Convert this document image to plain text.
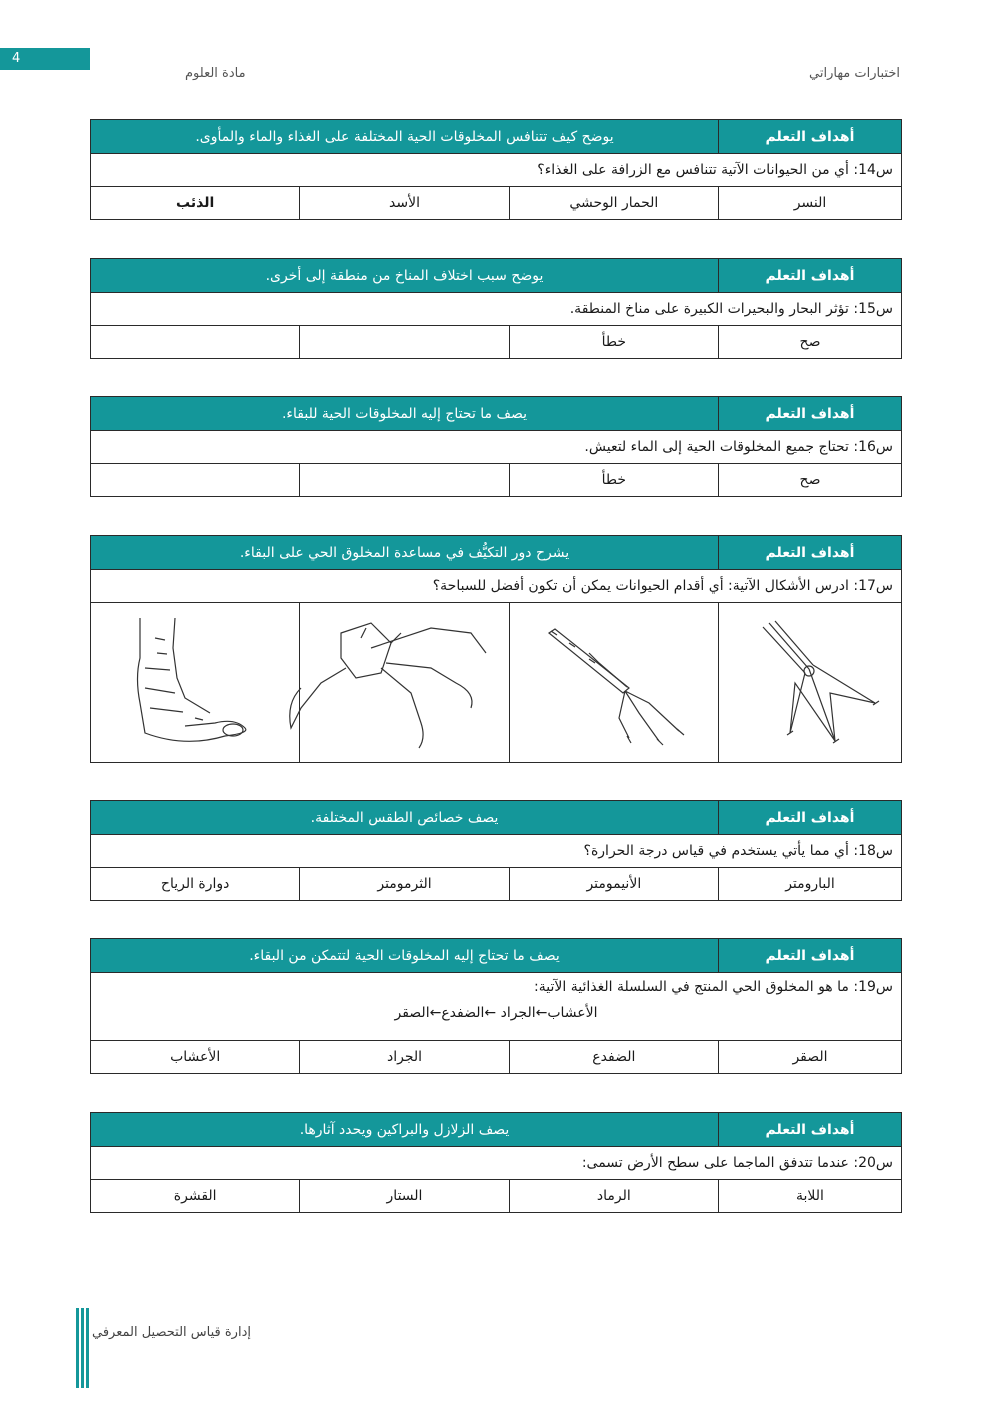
4
مادة العلوم	اختبارات مهاراتي
أهداف التعلم	يوضح كيف تتنافس المخلوقات الحية المختلفة على الغذاء والماء والمأوى.		
س14: أي من الحيوانات الآتية تتنافس مع الزرافة على الغذاء؟			
النسر	الحمار الوحشي	الأسد	الذئب
أهداف التعلم	يوضح سبب اختلاف المناخ من منطقة إلى أخرى.		
س15: تؤثر البحار والبحيرات الكبيرة على مناخ المنطقة.			
صح	خطأ		
أهداف التعلم	يصف ما تحتاج إليه المخلوقات الحية للبقاء.		
س16: تحتاج جميع المخلوقات الحية إلى الماء لتعيش.			
صح	خطأ		
أهداف التعلم	يشرح دور التكيُّف في مساعدة المخلوق الحي على البقاء.		
س17: ادرس الأشكال الآتية: أي أقدام الحيوانات يمكن أن تكون أفضل للسباحة؟			

أهداف التعلم	يصف خصائص الطقس المختلفة.		
س18: أي مما يأتي يستخدم في قياس درجة الحرارة؟			
البارومتر	الأنيمومتر	الثرمومتر	دوارة الرياح
أهداف التعلم	يصف ما تحتاج إليه المخلوقات الحية لتتمكن من البقاء.		

س19: ما هو المخلوق الحي المنتج في السلسلة الغذائية الآتية:
الأعشاب←الجراد ←الضفدع←الصقر			

الصقر	الضفدع	الجراد	الأعشاب
أهداف التعلم	يصف الزلازل والبراكين ويحدد آثارها.		
س20: عندما تتدفق الماجما على سطح الأرض تسمى:			
اللابة	الرماد	الستار	القشرة
إدارة قياس التحصيل المعرفي
